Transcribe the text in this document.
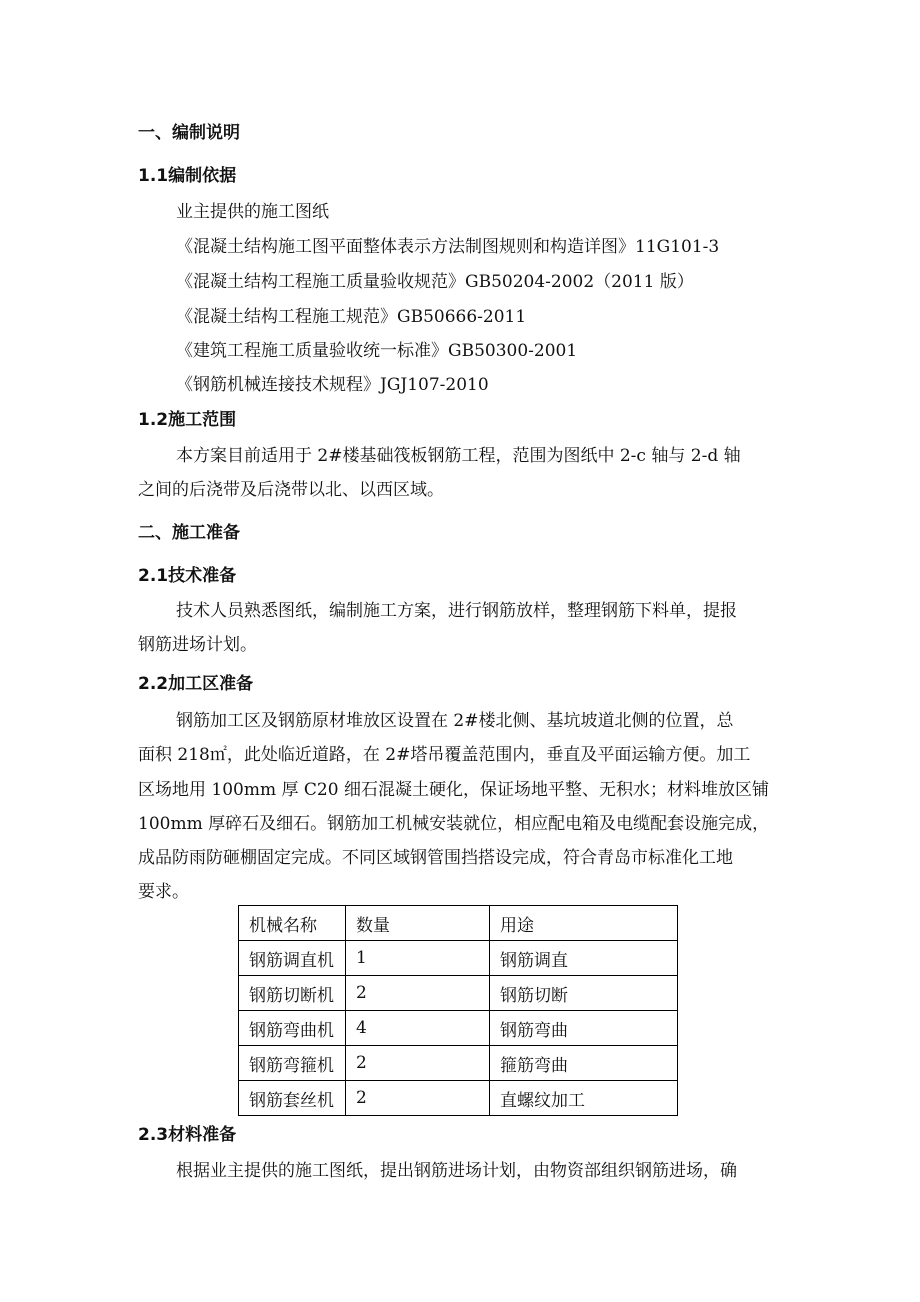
一、编制说明
1.1编制依据
业主提供的施工图纸
《混凝土结构施工图平面整体表示方法制图规则和构造详图》11G101-3
《混凝土结构工程施工质量验收规范》GB50204-2002（2011 版）
《混凝土结构工程施工规范》GB50666-2011
《建筑工程施工质量验收统一标准》GB50300-2001
《钢筋机械连接技术规程》JGJ107-2010
1.2施工范围
本方案目前适用于 2#楼基础筏板钢筋工程，范围为图纸中 2-c 轴与 2-d 轴
之间的后浇带及后浇带以北、以西区域。
二、施工准备
2.1技术准备
技术人员熟悉图纸，编制施工方案，进行钢筋放样，整理钢筋下料单，提报
钢筋进场计划。
2.2加工区准备
钢筋加工区及钢筋原材堆放区设置在 2#楼北侧、基坑坡道北侧的位置，总
面积 218㎡，此处临近道路，在 2#塔吊覆盖范围内，垂直及平面运输方便。加工
区场地用 100mm 厚 C20 细石混凝土硬化，保证场地平整、无积水；材料堆放区铺
100mm 厚碎石及细石。钢筋加工机械安装就位，相应配电箱及电缆配套设施完成，
成品防雨防砸棚固定完成。不同区域钢管围挡搭设完成，符合青岛市标准化工地
要求。
机械名称	数量	用途
钢筋调直机	1	钢筋调直
钢筋切断机	2	钢筋切断
钢筋弯曲机	4	钢筋弯曲
钢筋弯箍机	2	箍筋弯曲
钢筋套丝机	2	直螺纹加工
2.3材料准备
根据业主提供的施工图纸，提出钢筋进场计划，由物资部组织钢筋进场，确
